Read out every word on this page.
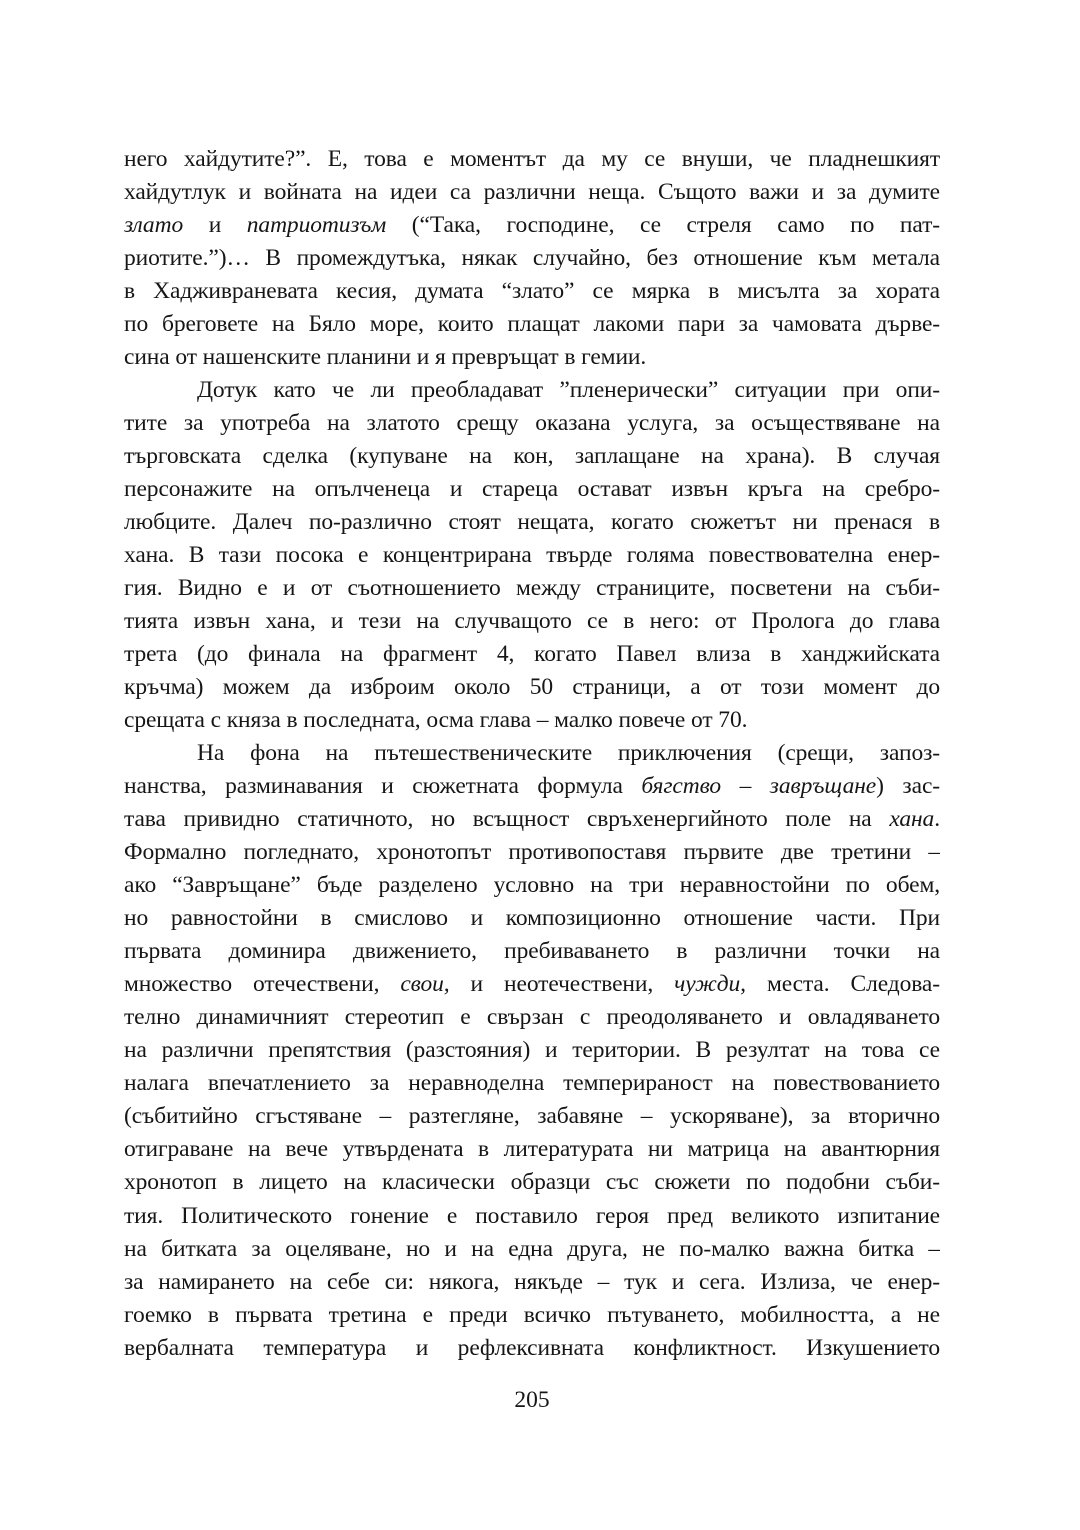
него хайдутите?”. Е, това е моментът да му се внуши, че пладнешкият
хайдутлук и войната на идеи са различни неща. Същото важи и за думите
злато и патриотизъм (“Така, господине, се стреля само по пат-
риотите.”)… В промеждутъка, някак случайно, без отношение към метала
в Хадживраневата кесия, думата “злато” се мярка в мисълта за хората
по бреговете на Бяло море, които плащат лакоми пари за чамовата дърве-
сина от нашенските планини и я превръщат в гемии.
Дотук като че ли преобладават ”пленерически” ситуации при опи-
тите за употреба на златото срещу оказана услуга, за осъществяване на
търговската сделка (купуване на кон, заплащане на храна). В случая
персонажите на опълченеца и стареца остават извън кръга на сребро-
любците. Далеч по-различно стоят нещата, когато сюжетът ни пренася в
хана. В тази посока е концентрирана твърде голяма повествователна енер-
гия. Видно е и от съотношението между страниците, посветени на съби-
тията извън хана, и тези на случващото се в него: от Пролога до глава
трета (до финала на фрагмент 4, когато Павел влиза в ханджийската
кръчма) можем да изброим около 50 страници, а от този момент до
срещата с княза в последната, осма глава – малко повече от 70.
На фона на пътешественическите приключения (срещи, запоз-
нанства, разминавания и сюжетната формула бягство – завръщане) зас-
тава привидно статичното, но всъщност свръхенергийното поле на хана.
Формално погледнато, хронотопът противопоставя първите две третини –
ако “Завръщане” бъде разделено условно на три неравностойни по обем,
но равностойни в смислово и композиционно отношение части. При
първата доминира движението, пребиваването в различни точки на
множество отечествени, свои, и неотечествени, чужди, места. Следова-
телно динамичният стереотип е свързан с преодоляването и овладяването
на различни препятствия (разстояния) и територии. В резултат на това се
налага впечатлението за неравноделна темперираност на повествованието
(събитийно сгъстяване – разтегляне, забавяне – ускоряване), за вторично
отиграване на вече утвърдената в литературата ни матрица на авантюрния
хронотоп в лицето на класически образци със сюжети по подобни съби-
тия. Политическото гонение е поставило героя пред великото изпитание
на битката за оцеляване, но и на една друга, не по-малко важна битка –
за намирането на себе си: някога, някъде – тук и сега. Излиза, че енер-
гоемко в първата третина е преди всичко пътуването, мобилността, а не
вербалната температура и рефлексивната конфликтност. Изкушението
205
